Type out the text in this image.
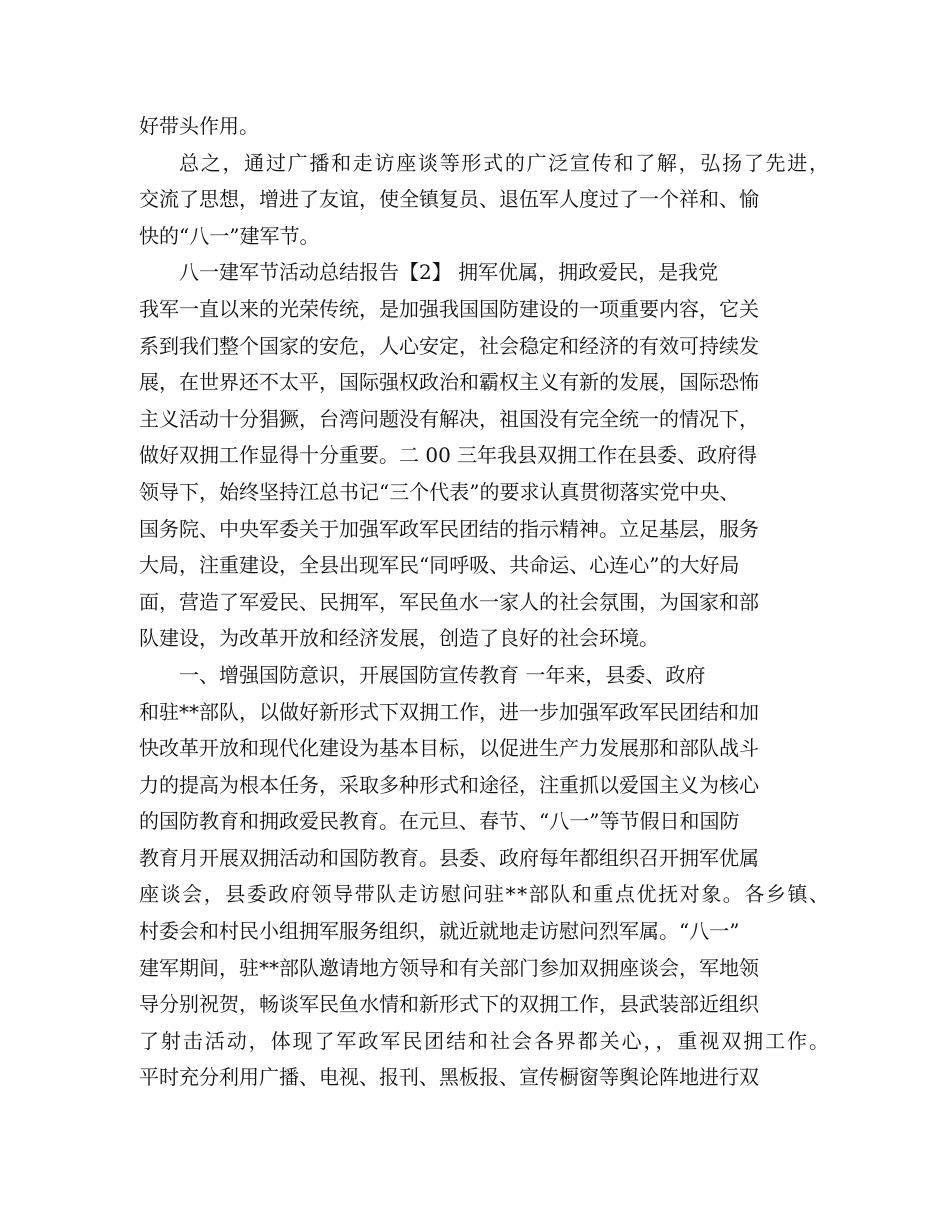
好带头作用。
总之，通过广播和走访座谈等形式的广泛宣传和了解，弘扬了先进，
交流了思想，增进了友谊，使全镇复员、退伍军人度过了一个祥和、愉
快的“八一”建军节。
八一建军节活动总结报告【2】 拥军优属，拥政爱民，是我党
我军一直以来的光荣传统，是加强我国国防建设的一项重要内容，它关
系到我们整个国家的安危，人心安定，社会稳定和经济的有效可持续发
展，在世界还不太平，国际强权政治和霸权主义有新的发展，国际恐怖
主义活动十分猖獗，台湾问题没有解决，祖国没有完全统一的情况下，
做好双拥工作显得十分重要。二 00 三年我县双拥工作在县委、政府得
领导下，始终坚持江总书记“三个代表”的要求认真贯彻落实党中央、
国务院、中央军委关于加强军政军民团结的指示精神。立足基层，服务
大局，注重建设，全县出现军民“同呼吸、共命运、心连心”的大好局
面，营造了军爱民、民拥军，军民鱼水一家人的社会氛围，为国家和部
队建设，为改革开放和经济发展，创造了良好的社会环境。
一、增强国防意识，开展国防宣传教育 一年来，县委、政府
和驻**部队，以做好新形式下双拥工作，进一步加强军政军民团结和加
快改革开放和现代化建设为基本目标，以促进生产力发展那和部队战斗
力的提高为根本任务，采取多种形式和途径，注重抓以爱国主义为核心
的国防教育和拥政爱民教育。在元旦、春节、“八一”等节假日和国防
教育月开展双拥活动和国防教育。县委、政府每年都组织召开拥军优属
座谈会，县委政府领导带队走访慰问驻**部队和重点优抚对象。各乡镇、
村委会和村民小组拥军服务组织，就近就地走访慰问烈军属。“八一”
建军期间，驻**部队邀请地方领导和有关部门参加双拥座谈会，军地领
导分别祝贺，畅谈军民鱼水情和新形式下的双拥工作，县武装部近组织
了射击活动，体现了军政军民团结和社会各界都关心，，重视双拥工作。
平时充分利用广播、电视、报刊、黑板报、宣传橱窗等舆论阵地进行双
